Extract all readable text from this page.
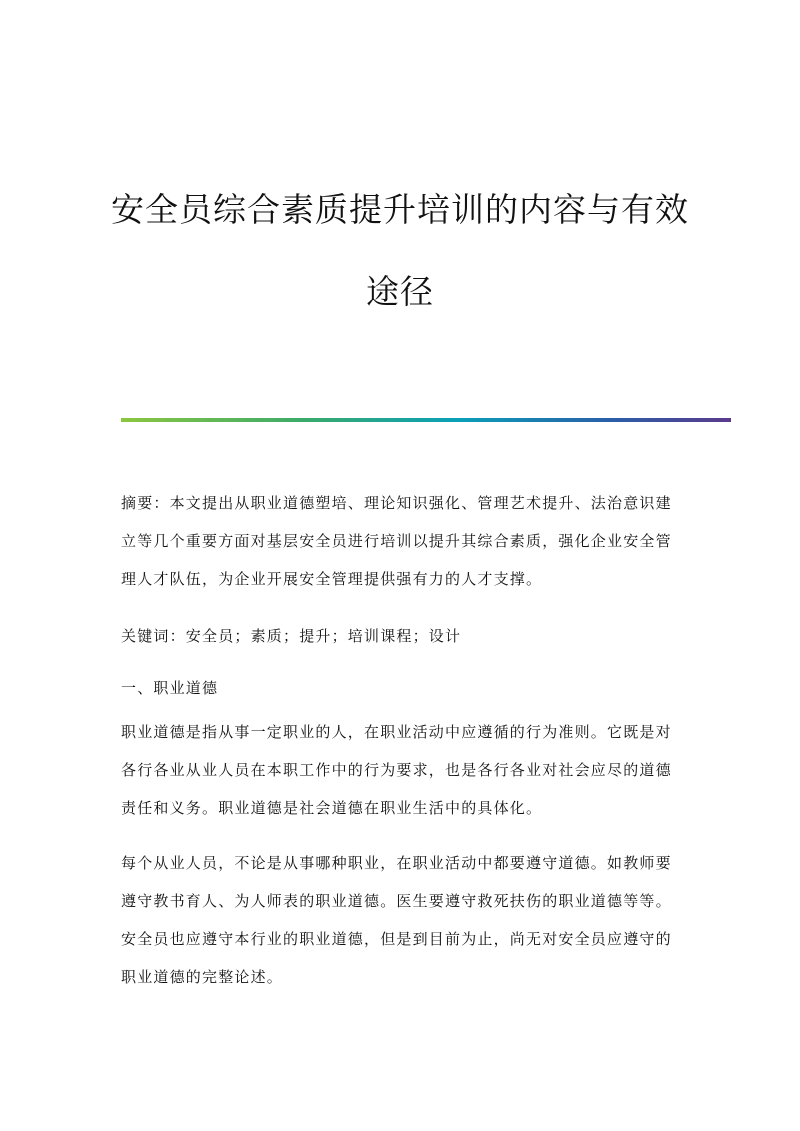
安全员综合素质提升培训的内容与有效
途径

摘要：本文提出从职业道德塑培、理论知识强化、管理艺术提升、法治意识建立等几个重要方面对基层安全员进行培训以提升其综合素质，强化企业安全管理人才队伍，为企业开展安全管理提供强有力的人才支撑。

关键词：安全员；素质；提升；培训课程；设计

一、职业道德

职业道德是指从事一定职业的人，在职业活动中应遵循的行为准则。它既是对各行各业从业人员在本职工作中的行为要求，也是各行各业对社会应尽的道德责任和义务。职业道德是社会道德在职业生活中的具体化。

每个从业人员，不论是从事哪种职业，在职业活动中都要遵守道德。如教师要遵守教书育人、为人师表的职业道德。医生要遵守救死扶伤的职业道德等等。安全员也应遵守本行业的职业道德，但是到目前为止，尚无对安全员应遵守的职业道德的完整论述。
